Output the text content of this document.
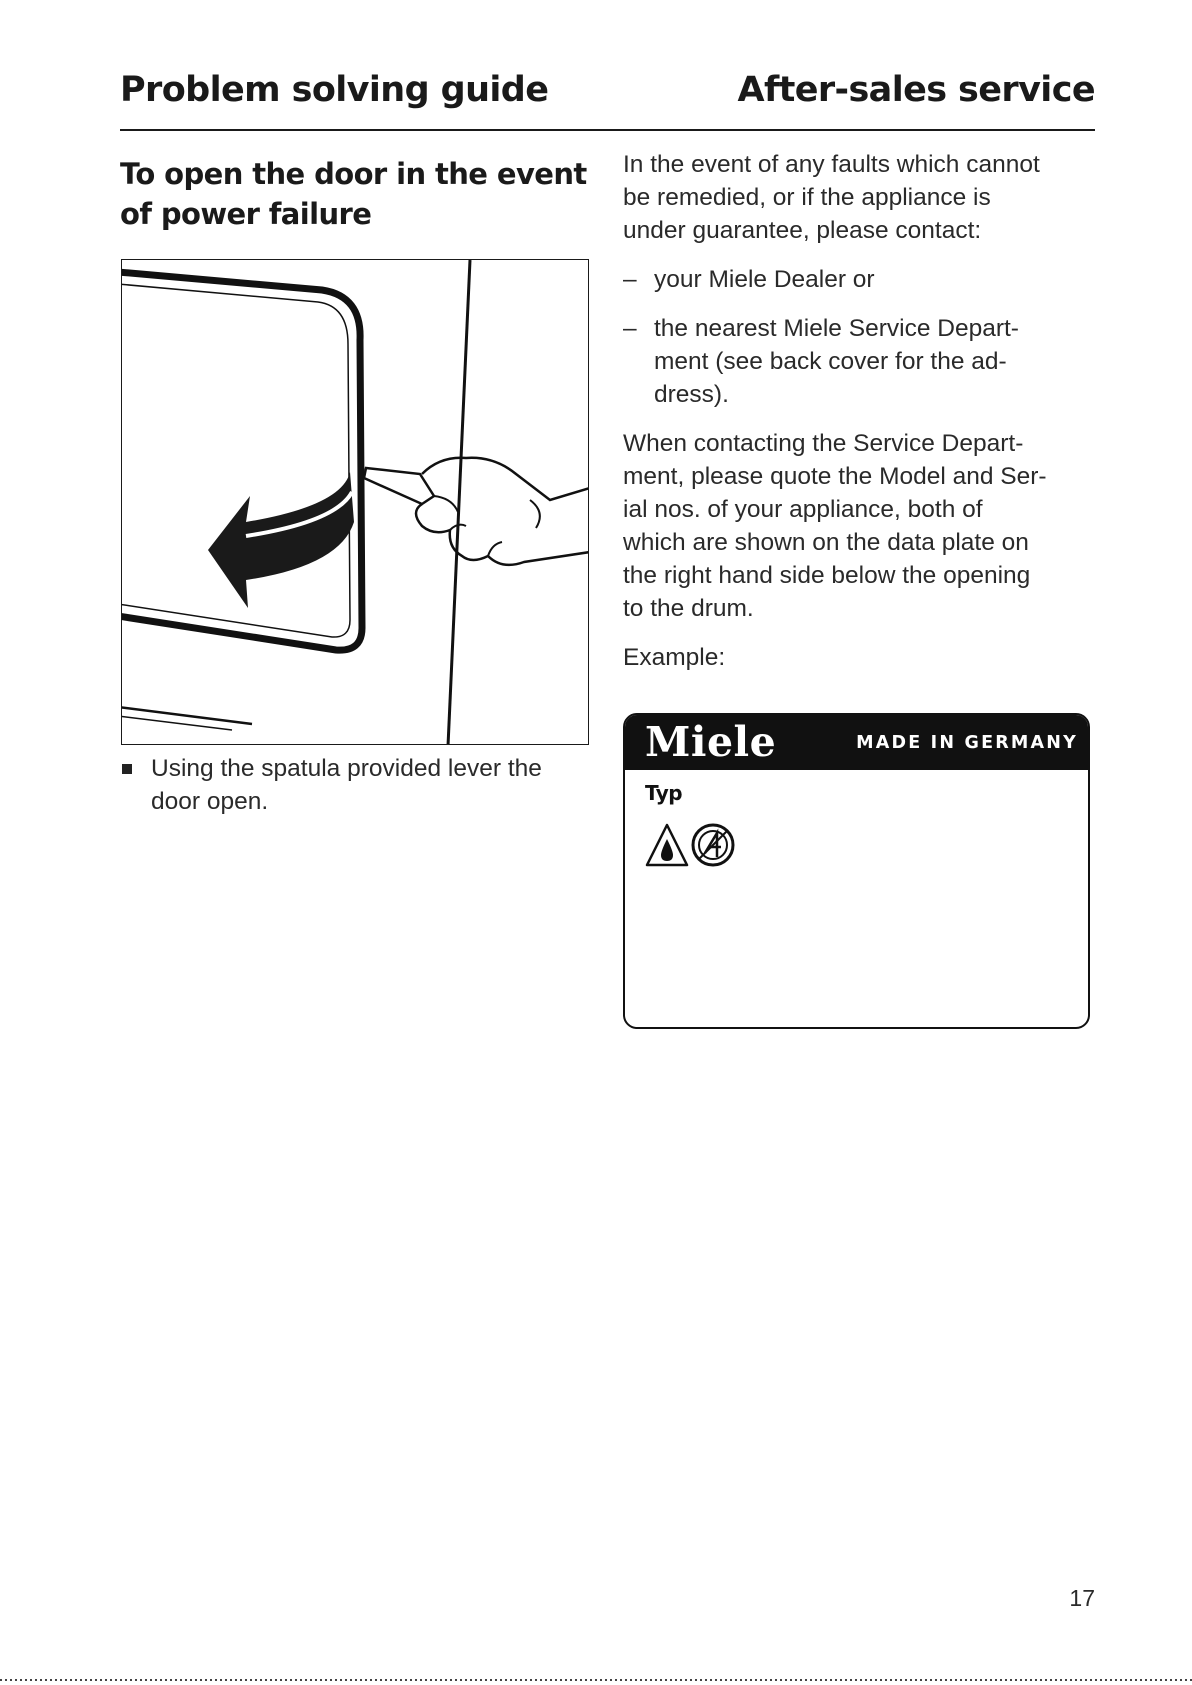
Problem solving guide	After-sales service
To open the door in the event
of power failure
Using the spatula provided lever the
door open.

In the event of any faults which cannot
be remedied, or if the appliance is
under guarantee, please contact:

– your Miele Dealer or
– the nearest Miele Service Depart-
ment (see back cover for the ad-
dress).

When contacting the Service Depart-
ment, please quote the Model and Ser-
ial nos. of your appliance, both of
which are shown on the data plate on
the right hand side below the opening
to the drum.

Example:

Miele	MADE IN GERMANY
Typ
17
